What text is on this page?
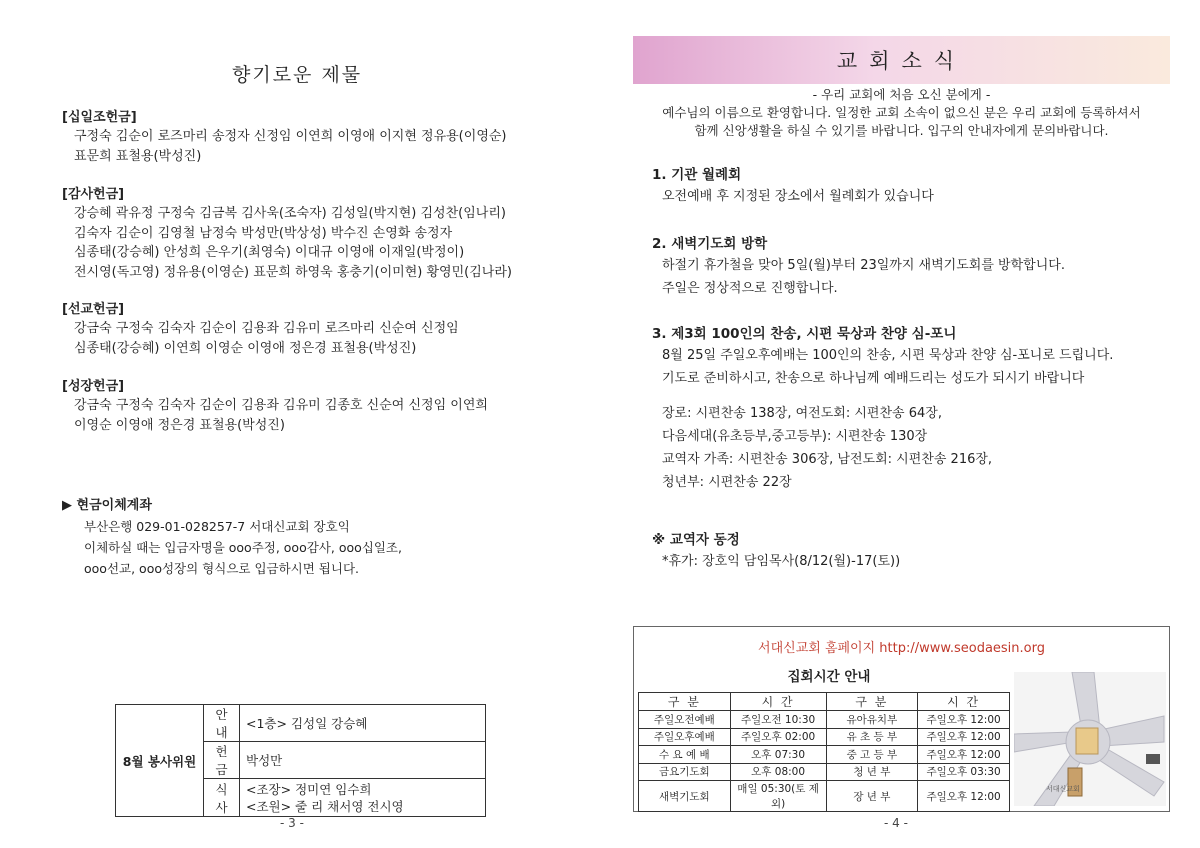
향기로운 제물
[십일조헌금]
구정숙 김순이 로즈마리 송정자 신정임 이연희 이영애 이지현 정유용(이영순)
표문희 표철용(박성진)
[감사헌금]
강승혜 곽유정 구정숙 김금복 김사욱(조숙자) 김성일(박지현) 김성찬(임나리)
김숙자 김순이 김영철 남정숙 박성만(박상성) 박수진 손영화 송정자
심종태(강승혜) 안성희 은우기(최영숙) 이대규 이영애 이재일(박정이)
전시영(독고영) 정유용(이영순) 표문희 하영욱 홍충기(이미현) 황영민(김나라)
[선교헌금]
강금숙 구정숙 김숙자 김순이 김용좌 김유미 로즈마리 신순여 신정임
심종태(강승혜) 이연희 이영순 이영애 정은경 표철용(박성진)
[성장헌금]
강금숙 구정숙 김숙자 김순이 김용좌 김유미 김종호 신순여 신정임 이연희
이영순 이영애 정은경 표철용(박성진)
▶ 현금이체계좌
부산은행 029-01-028257-7 서대신교회 장호익
이체하실 때는 입금자명을 ooo주정, ooo감사, ooo십일조,
ooo선교, ooo성장의 형식으로 입금하시면 됩니다.
8월 봉사위원	안내	<1층> 김성일 강승혜
	헌금	박성만
	식사	<조장> 정미연 임수희
<조원> 줄 리 채서영 전시영
- 3 -
교회소식
- 우리 교회에 처음 오신 분에게 -
예수님의 이름으로 환영합니다. 일정한 교회 소속이 없으신 분은 우리 교회에 등록하셔서
함께 신앙생활을 하실 수 있기를 바랍니다. 입구의 안내자에게 문의바랍니다.
1. 기관 월례회
오전예배 후 지정된 장소에서 월례회가 있습니다
2. 새벽기도회 방학
하절기 휴가철을 맞아 5일(월)부터 23일까지 새벽기도회를 방학합니다.
주일은 정상적으로 진행합니다.
3. 제3회 100인의 찬송, 시편 묵상과 찬양 심-포니
8월 25일 주일오후예배는 100인의 찬송, 시편 묵상과 찬양 심-포니로 드립니다.
기도로 준비하시고, 찬송으로 하나님께 예배드리는 성도가 되시기 바랍니다
장로: 시편찬송 138장, 여전도회: 시편찬송 64장,
다음세대(유초등부,중고등부): 시편찬송 130장
교역자 가족: 시편찬송 306장, 남전도회: 시편찬송 216장,
청년부: 시편찬송 22장
※ 교역자 동정
*휴가: 장호익 담임목사(8/12(월)-17(토))
서대신교회 홈페이지 http://www.seodaesin.org
집회시간 안내
구 분	시 간	구 분	시 간
주일오전예배	주일오전 10:30	유아유치부	주일오후 12:00
주일오후예배	주일오후 02:00	유 초 등 부	주일오후 12:00
수 요 예 배	오후 07:30	중 고 등 부	주일오후 12:00
금요기도회	오후 08:00	청 년 부	주일오후 03:30
새벽기도회	매일 05:30(토 제외)	장 년 부	주일오후 12:00
서대신교회
- 4 -
